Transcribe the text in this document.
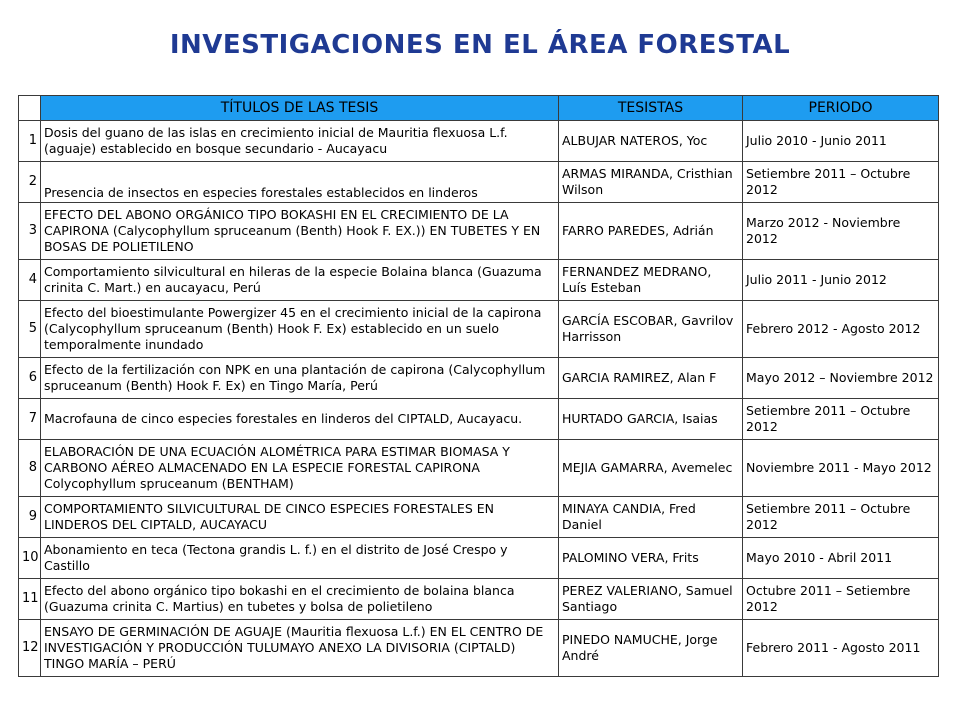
INVESTIGACIONES EN EL ÁREA FORESTAL
	TÍTULOS DE LAS TESIS	TESISTAS	PERIODO
1	Dosis del guano de las islas en crecimiento inicial de Mauritia flexuosa L.f. (aguaje) establecido en bosque secundario - Aucayacu	ALBUJAR NATEROS, Yoc	Julio 2010 - Junio 2011
2	Presencia de insectos en especies forestales establecidos en linderos	ARMAS MIRANDA, Cristhian Wilson	Setiembre 2011 – Octubre 2012
3	EFECTO DEL ABONO ORGÁNICO TIPO BOKASHI EN EL CRECIMIENTO DE LA CAPIRONA (Calycophyllum spruceanum (Benth) Hook F. EX.)) EN TUBETES Y EN BOSAS DE POLIETILENO	FARRO PAREDES, Adrián	Marzo 2012 - Noviembre 2012
4	Comportamiento silvicultural en hileras de la especie Bolaina blanca (Guazuma crinita C. Mart.) en aucayacu, Perú	FERNANDEZ MEDRANO, Luís Esteban	Julio 2011 - Junio 2012
5	Efecto del bioestimulante Powergizer 45 en el crecimiento inicial de la capirona (Calycophyllum spruceanum (Benth) Hook F. Ex) establecido en un suelo temporalmente inundado	GARCÍA ESCOBAR, Gavrilov Harrisson	Febrero 2012 - Agosto 2012
6	Efecto de la fertilización con NPK en una plantación de capirona (Calycophyllum spruceanum (Benth) Hook F. Ex) en Tingo María, Perú	GARCIA RAMIREZ, Alan F	Mayo 2012 – Noviembre 2012
7	Macrofauna de cinco especies forestales en linderos del CIPTALD, Aucayacu.	HURTADO GARCIA, Isaias	Setiembre 2011 – Octubre 2012
8	ELABORACIÓN DE UNA ECUACIÓN ALOMÉTRICA PARA ESTIMAR BIOMASA Y CARBONO AÉREO ALMACENADO EN LA ESPECIE FORESTAL CAPIRONA Colycophyllum spruceanum (BENTHAM)	MEJIA GAMARRA, Avemelec	Noviembre 2011 - Mayo 2012
9	COMPORTAMIENTO SILVICULTURAL DE CINCO ESPECIES FORESTALES EN LINDEROS DEL CIPTALD, AUCAYACU	MINAYA CANDIA, Fred Daniel	Setiembre 2011 – Octubre 2012
10	Abonamiento en teca (Tectona grandis L. f.) en el distrito de José Crespo y Castillo	PALOMINO VERA, Frits	Mayo 2010 - Abril 2011
11	Efecto del abono orgánico tipo bokashi en el crecimiento de bolaina blanca (Guazuma crinita C. Martius) en tubetes y bolsa de polietileno	PEREZ VALERIANO, Samuel Santiago	Octubre 2011 – Setiembre 2012
12	ENSAYO DE GERMINACIÓN DE AGUAJE (Mauritia flexuosa L.f.) EN EL CENTRO DE INVESTIGACIÓN Y PRODUCCIÓN TULUMAYO ANEXO LA DIVISORIA (CIPTALD) TINGO MARÍA – PERÚ	PINEDO NAMUCHE, Jorge André	Febrero 2011 - Agosto 2011
